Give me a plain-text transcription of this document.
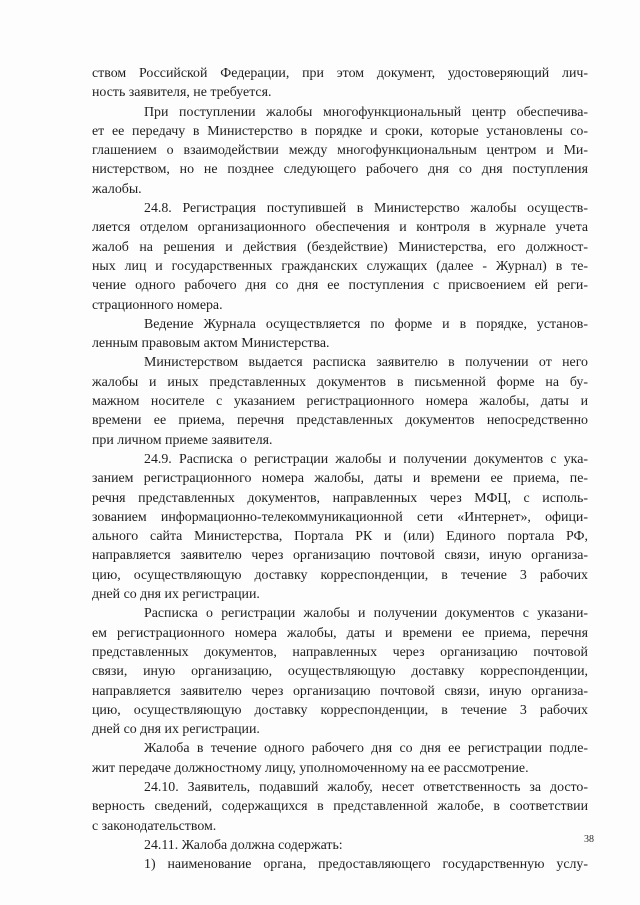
ством Российской Федерации, при этом документ, удостоверяющий лич-
ность заявителя, не требуется.
При поступлении жалобы многофункциональный центр обеспечива-
ет ее передачу в Министерство в порядке и сроки, которые установлены со-
глашением о взаимодействии между многофункциональным центром и Ми-
нистерством, но не позднее следующего рабочего дня со дня поступления
жалобы.
24.8. Регистрация поступившей в Министерство жалобы осуществ-
ляется отделом организационного обеспечения и контроля в журнале учета
жалоб на решения и действия (бездействие) Министерства, его должност-
ных лиц и государственных гражданских служащих (далее - Журнал) в те-
чение одного рабочего дня со дня ее поступления с присвоением ей реги-
страционного номера.
Ведение Журнала осуществляется по форме и в порядке, установ-
ленным правовым актом Министерства.
Министерством выдается расписка заявителю в получении от него
жалобы и иных представленных документов в письменной форме на бу-
мажном носителе с указанием регистрационного номера жалобы, даты и
времени ее приема, перечня представленных документов непосредственно
при личном приеме заявителя.
24.9. Расписка о регистрации жалобы и получении документов с ука-
занием регистрационного номера жалобы, даты и времени ее приема, пе-
речня представленных документов, направленных через МФЦ, с исполь-
зованием информационно-телекоммуникационной сети «Интернет», офици-
ального сайта Министерства, Портала РК и (или) Единого портала РФ,
направляется заявителю через организацию почтовой связи, иную организа-
цию, осуществляющую доставку корреспонденции, в течение 3 рабочих
дней со дня их регистрации.
Расписка о регистрации жалобы и получении документов с указани-
ем регистрационного номера жалобы, даты и времени ее приема, перечня
представленных документов, направленных через организацию почтовой
связи, иную организацию, осуществляющую доставку корреспонденции,
направляется заявителю через организацию почтовой связи, иную организа-
цию, осуществляющую доставку корреспонденции, в течение 3 рабочих
дней со дня их регистрации.
Жалоба в течение одного рабочего дня со дня ее регистрации подле-
жит передаче должностному лицу, уполномоченному на ее рассмотрение.
24.10. Заявитель, подавший жалобу, несет ответственность за досто-
верность сведений, содержащихся в представленной жалобе, в соответствии
с законодательством.
24.11. Жалоба должна содержать:
1) наименование органа, предоставляющего государственную услу-
38
